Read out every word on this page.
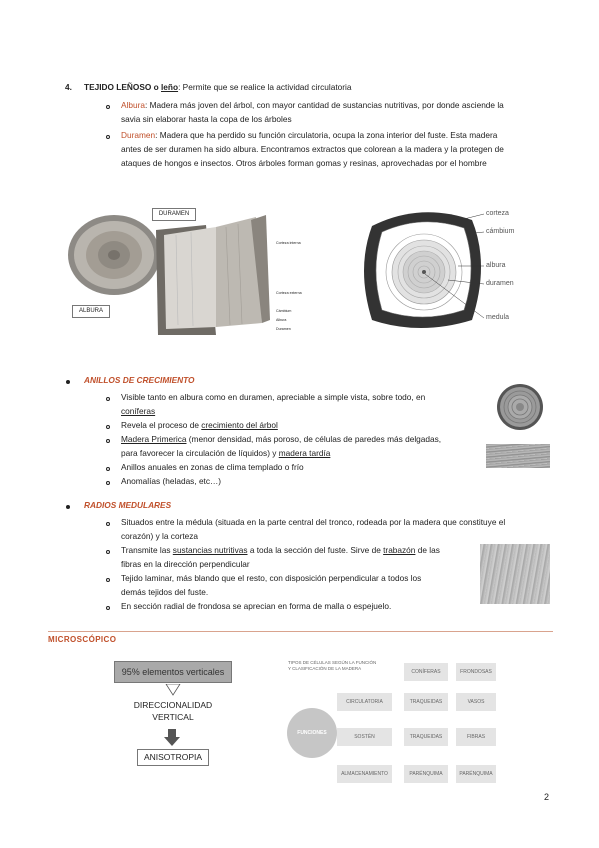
4. TEJIDO LEÑOSO o leño: Permite que se realice la actividad circulatoria
Albura: Madera más joven del árbol, con mayor cantidad de sustancias nutritivas, por donde asciende la
savia sin elaborar hasta la copa de los árboles
Duramen: Madera que ha perdido su función circulatoria, ocupa la zona interior del fuste. Esta madera
antes de ser duramen ha sido albura. Encontramos extractos que colorean a la madera y la protegen de
ataques de hongos e insectos. Otros árboles forman gomas y resinas, aprovechadas por el hombre
DURAMEN
ALBURA
Corteza interna
Corteza externa
Cámbium
Albura
Duramen
corteza
cámbium
albura
duramen
medula
ANILLOS DE CRECIMIENTO
Visible tanto en albura como en duramen, apreciable a simple vista, sobre todo, en
coníferas
Revela el proceso de crecimiento del árbol
Madera Primerica (menor densidad, más poroso, de células de paredes más delgadas,
para favorecer la circulación de líquidos) y madera tardía
Anillos anuales en zonas de clima templado o frío
Anomalías (heladas, etc…)
RADIOS MEDULARES
Situados entre la médula (situada en la parte central del tronco, rodeada por la madera que constituye el
corazón) y la corteza
Transmite las sustancias nutritivas a toda la sección del fuste. Sirve de trabazón de las
fibras en la dirección perpendicular
Tejido laminar, más blando que el resto, con disposición perpendicular a todos los
demás tejidos del fuste.
En sección radial de frondosa se aprecian en forma de malla o espejuelo.
MICROSCÓPICO
95% elementos verticales
DIRECCIONALIDAD
VERTICAL
ANISOTROPIA
TIPOS DE CÉLULAS SEGÚN LA FUNCIÓN
Y CLASIFICACIÓN DE LA MADERA
FUNCIONES
CIRCULATORIA
SOSTÉN
ALMACENAMIENTO
CONÍFERAS
TRAQUEIDAS
TRAQUEIDAS
PARÉNQUIMA
FRONDOSAS
VASOS
FIBRAS
PARÉNQUIMA
2
